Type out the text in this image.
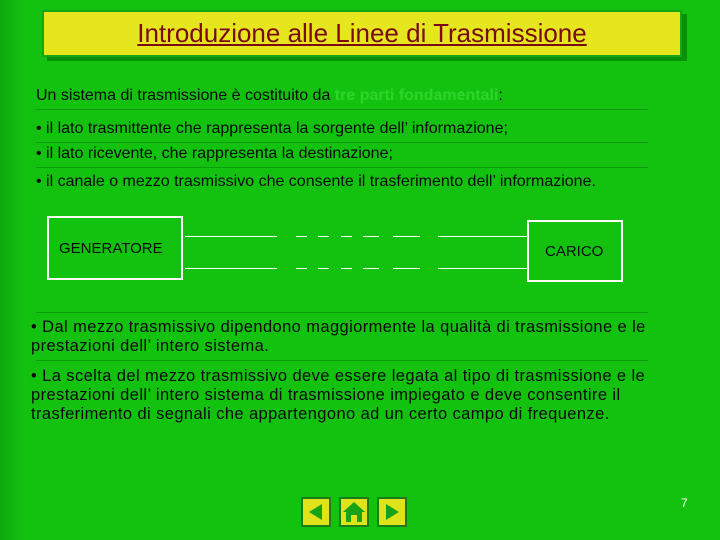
Introduzione alle Linee di Trasmissione
Un sistema di trasmissione è costituito da tre parti fondamentali:
• il lato trasmittente che rappresenta la sorgente dell’ informazione;
• il lato ricevente, che rappresenta la destinazione;
• il canale o mezzo trasmissivo che consente il trasferimento dell’ informazione.
GENERATORE	CARICO
• Dal mezzo trasmissivo dipendono maggiormente la qualità di trasmissione e le prestazioni dell’ intero sistema.
• La scelta del mezzo trasmissivo deve essere legata al tipo di trasmissione e le prestazioni dell’ intero sistema di trasmissione impiegato e deve consentire il trasferimento di segnali che appartengono ad un certo campo di frequenze.
7
